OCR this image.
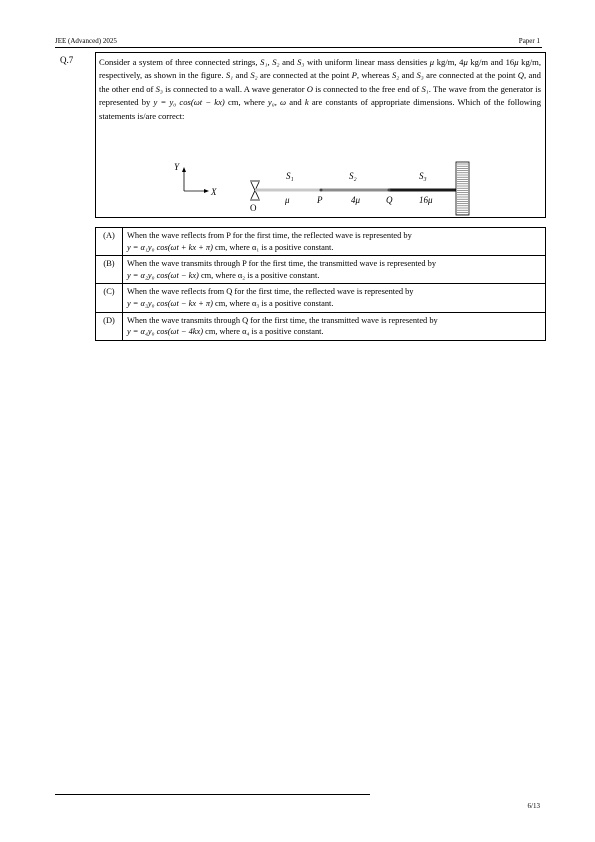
JEE (Advanced) 2025	Paper 1
Q.7	Consider a system of three connected strings, S₁, S₂ and S₃ with uniform linear mass densities μ kg/m, 4μ kg/m and 16μ kg/m, respectively, as shown in the figure. S₁ and S₂ are connected at the point P, whereas S₂ and S₃ are connected at the point Q, and the other end of S₃ is connected to a wall. A wave generator O is connected to the free end of S₁. The wave from the generator is represented by y = y₀ cos(ωt − kx) cm, where y₀, ω and k are constants of appropriate dimensions. Which of the following statements is/are correct:
Y
X
O
S₁	S₂	S₃
μ	P	4μ	Q	16μ
(A)	When the wave reflects from P for the first time, the reflected wave is represented by
y = α₁y₀ cos(ωt + kx + π) cm, where α₁ is a positive constant.
(B)	When the wave transmits through P for the first time, the transmitted wave is represented by
y = α₂y₀ cos(ωt − kx) cm, where α₂ is a positive constant.
(C)	When the wave reflects from Q for the first time, the reflected wave is represented by
y = α₃y₀ cos(ωt − kx + π) cm, where α₃ is a positive constant.
(D)	When the wave transmits through Q for the first time, the transmitted wave is represented by
y = α₄y₀ cos(ωt − 4kx) cm, where α₄ is a positive constant.
6/13
